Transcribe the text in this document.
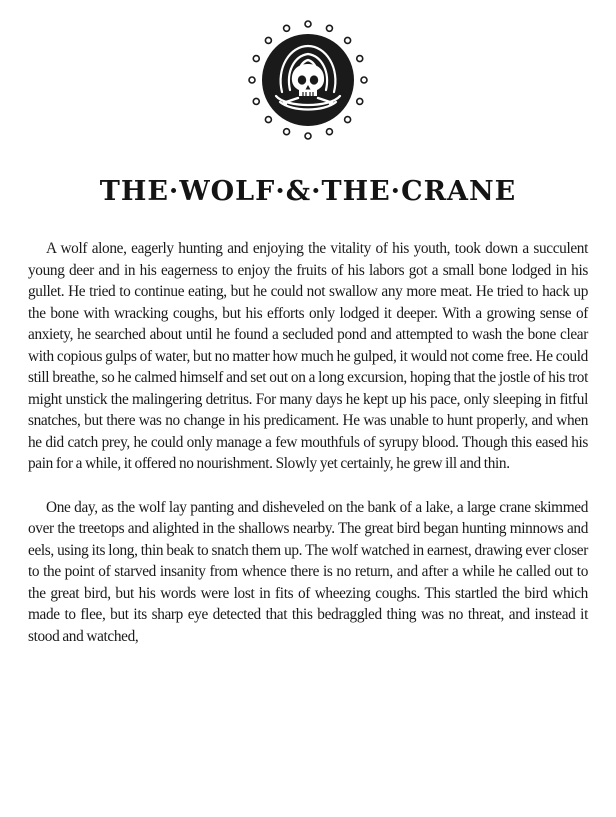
THE·WOLF·&·THE·CRANE

A wolf alone, eagerly hunting and enjoying the vitality of his youth, took down a succulent young deer and in his eagerness to enjoy the fruits of his labors got a small bone lodged in his gullet. He tried to continue eating, but he could not swallow any more meat. He tried to hack up the bone with wracking coughs, but his efforts only lodged it deeper. With a growing sense of anxiety, he searched about until he found a secluded pond and attempted to wash the bone clear with copious gulps of water, but no matter how much he gulped, it would not come free. He could still breathe, so he calmed himself and set out on a long excursion, hoping that the jostle of his trot might unstick the malingering detritus. For many days he kept up his pace, only sleeping in fitful snatches, but there was no change in his predicament. He was unable to hunt properly, and when he did catch prey, he could only manage a few mouthfuls of syrupy blood. Though this eased his pain for a while, it offered no nourishment. Slowly yet certainly, he grew ill and thin.

One day, as the wolf lay panting and disheveled on the bank of a lake, a large crane skimmed over the treetops and alighted in the shallows nearby. The great bird began hunting minnows and eels, using its long, thin beak to snatch them up. The wolf watched in earnest, drawing ever closer to the point of starved insanity from whence there is no return, and after a while he called out to the great bird, but his words were lost in fits of wheezing coughs. This startled the bird which made to flee, but its sharp eye detected that this bedraggled thing was no threat, and instead it stood and watched,
